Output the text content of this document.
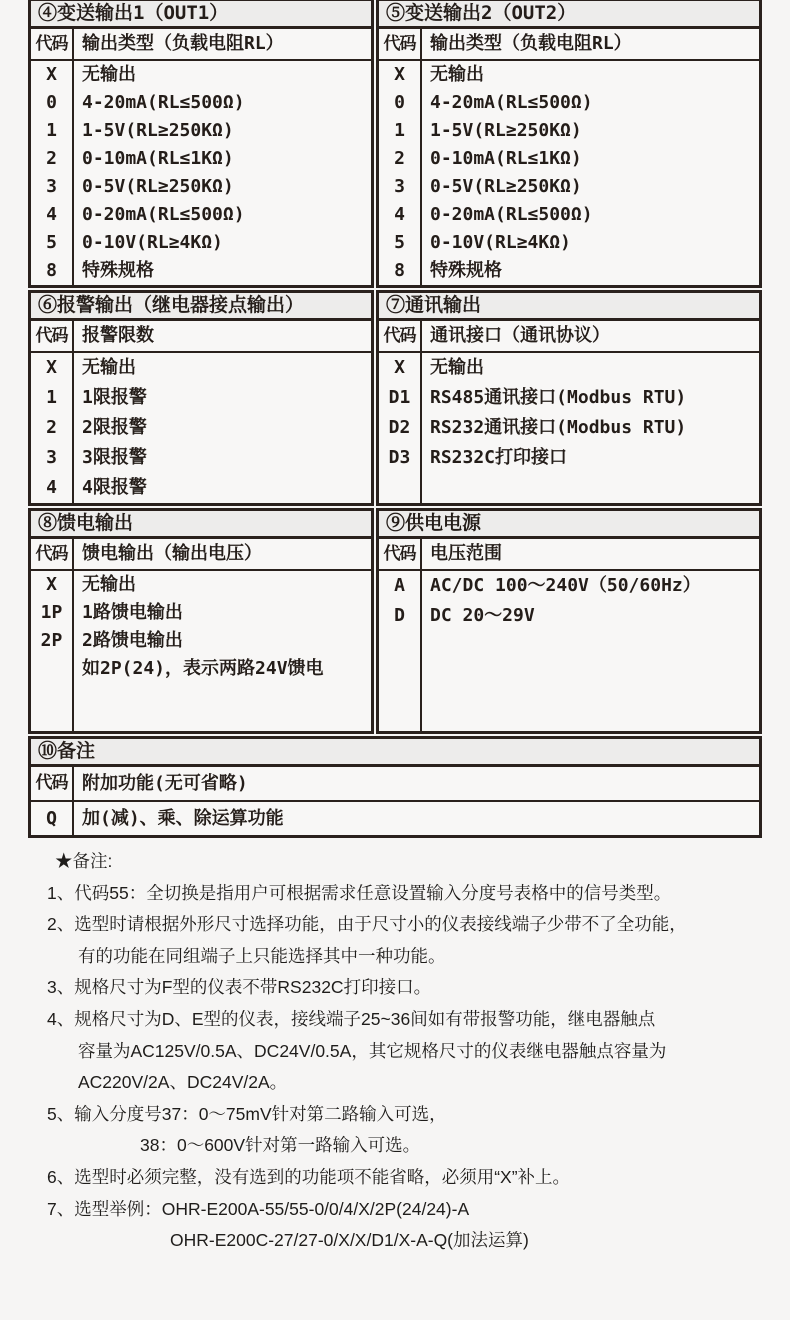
④变送输出1（OUT1）
代码
X
0
1
2
3
4
5
8
输出类型（负载电阻RL）
无输出
4-20mA(RL≤500Ω)
1-5V(RL≥250KΩ)
0-10mA(RL≤1KΩ)
0-5V(RL≥250KΩ)
0-20mA(RL≤500Ω)
0-10V(RL≥4KΩ)
特殊规格
⑤变送输出2（OUT2）
代码
X
0
1
2
3
4
5
8
输出类型（负载电阻RL）
无输出
4-20mA(RL≤500Ω)
1-5V(RL≥250KΩ)
0-10mA(RL≤1KΩ)
0-5V(RL≥250KΩ)
0-20mA(RL≤500Ω)
0-10V(RL≥4KΩ)
特殊规格
⑥报警输出（继电器接点输出）
代码
X
1
2
3
4
报警限数
无输出
1限报警
2限报警
3限报警
4限报警
⑦通讯输出
代码
X
D1
D2
D3
通讯接口（通讯协议）
无输出
RS485通讯接口(Modbus RTU)
RS232通讯接口(Modbus RTU)
RS232C打印接口
⑧馈电输出
代码
X
1P
2P
馈电输出（输出电压）
无输出
1路馈电输出
2路馈电输出
如2P(24)，表示两路24V馈电
⑨供电电源
代码
A
D
电压范围
AC/DC 100～240V（50/60Hz）
DC 20～29V
⑩备注
代码
Q
附加功能(无可省略)
加(减)、乘、除运算功能
★备注:
1、代码55：全切换是指用户可根据需求任意设置输入分度号表格中的信号类型。
2、选型时请根据外形尺寸选择功能，由于尺寸小的仪表接线端子少带不了全功能，
有的功能在同组端子上只能选择其中一种功能。
3、规格尺寸为F型的仪表不带RS232C打印接口。
4、规格尺寸为D、E型的仪表，接线端子25~36间如有带报警功能，继电器触点
容量为AC125V/0.5A、DC24V/0.5A，其它规格尺寸的仪表继电器触点容量为
AC220V/2A、DC24V/2A。
5、输入分度号37：0～75mV针对第二路输入可选，
38：0～600V针对第一路输入可选。
6、选型时必须完整，没有选到的功能项不能省略，必须用“X”补上。
7、选型举例：OHR-E200A-55/55-0/0/4/X/2P(24/24)-A
OHR-E200C-27/27-0/X/X/D1/X-A-Q(加法运算)
